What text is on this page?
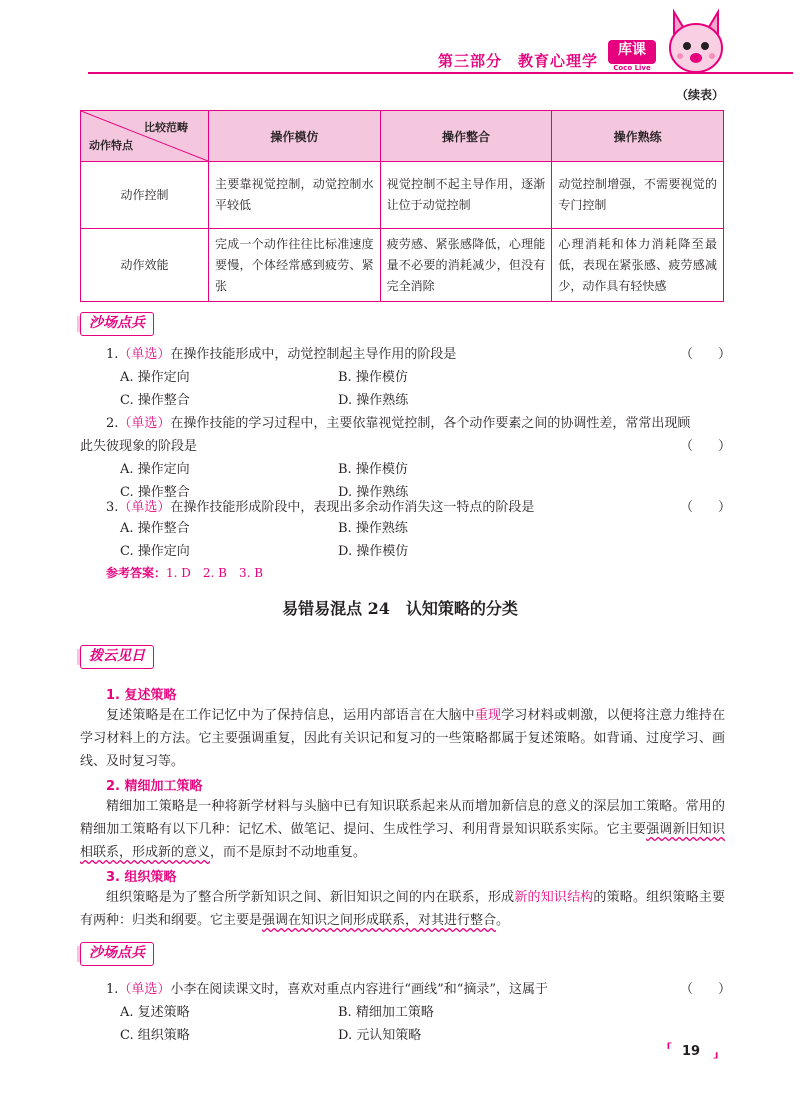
第三部分　教育心理学
库课
Coco Live
（续表）
比较范畴
动作特点	操作模仿	操作整合	操作熟练
动作控制	主要靠视觉控制，动觉控制水平较低	视觉控制不起主导作用，逐渐让位于动觉控制	动觉控制增强，不需要视觉的专门控制
动作效能	完成一个动作往往比标准速度要慢，个体经常感到疲劳、紧张	疲劳感、紧张感降低，心理能量不必要的消耗减少，但没有完全消除	心理消耗和体力消耗降至最低，表现在紧张感、疲劳感减少，动作具有轻快感
沙场点兵
1.（单选）在操作技能形成中，动觉控制起主导作用的阶段是	（　）
A. 操作定向	B. 操作模仿
C. 操作整合	D. 操作熟练
2.（单选）在操作技能的学习过程中，主要依靠视觉控制，各个动作要素之间的协调性差，常常出现顾
此失彼现象的阶段是	（　）
A. 操作定向	B. 操作模仿
C. 操作整合	D. 操作熟练
3.（单选）在操作技能形成阶段中，表现出多余动作消失这一特点的阶段是	（　）
A. 操作整合	B. 操作熟练
C. 操作定向	D. 操作模仿
参考答案：1. D　2. B　3. B
易错易混点 24　认知策略的分类
拨云见日
1. 复述策略
复述策略是在工作记忆中为了保持信息，运用内部语言在大脑中重现学习材料或刺激，以便将注意力维持在学习材料上的方法。它主要强调重复，因此有关识记和复习的一些策略都属于复述策略。如背诵、过度学习、画线、及时复习等。
2. 精细加工策略
精细加工策略是一种将新学材料与头脑中已有知识联系起来从而增加新信息的意义的深层加工策略。常用的精细加工策略有以下几种：记忆术、做笔记、提问、生成性学习、利用背景知识联系实际。它主要强调新旧知识相联系，形成新的意义，而不是原封不动地重复。
3. 组织策略
组织策略是为了整合所学新知识之间、新旧知识之间的内在联系，形成新的知识结构的策略。组织策略主要有两种：归类和纲要。它主要是强调在知识之间形成联系，对其进行整合。
沙场点兵
1.（单选）小李在阅读课文时，喜欢对重点内容进行“画线”和“摘录”，这属于	（　）
A. 复述策略	B. 精细加工策略
C. 组织策略	D. 元认知策略
⸢ 19 ⸥
